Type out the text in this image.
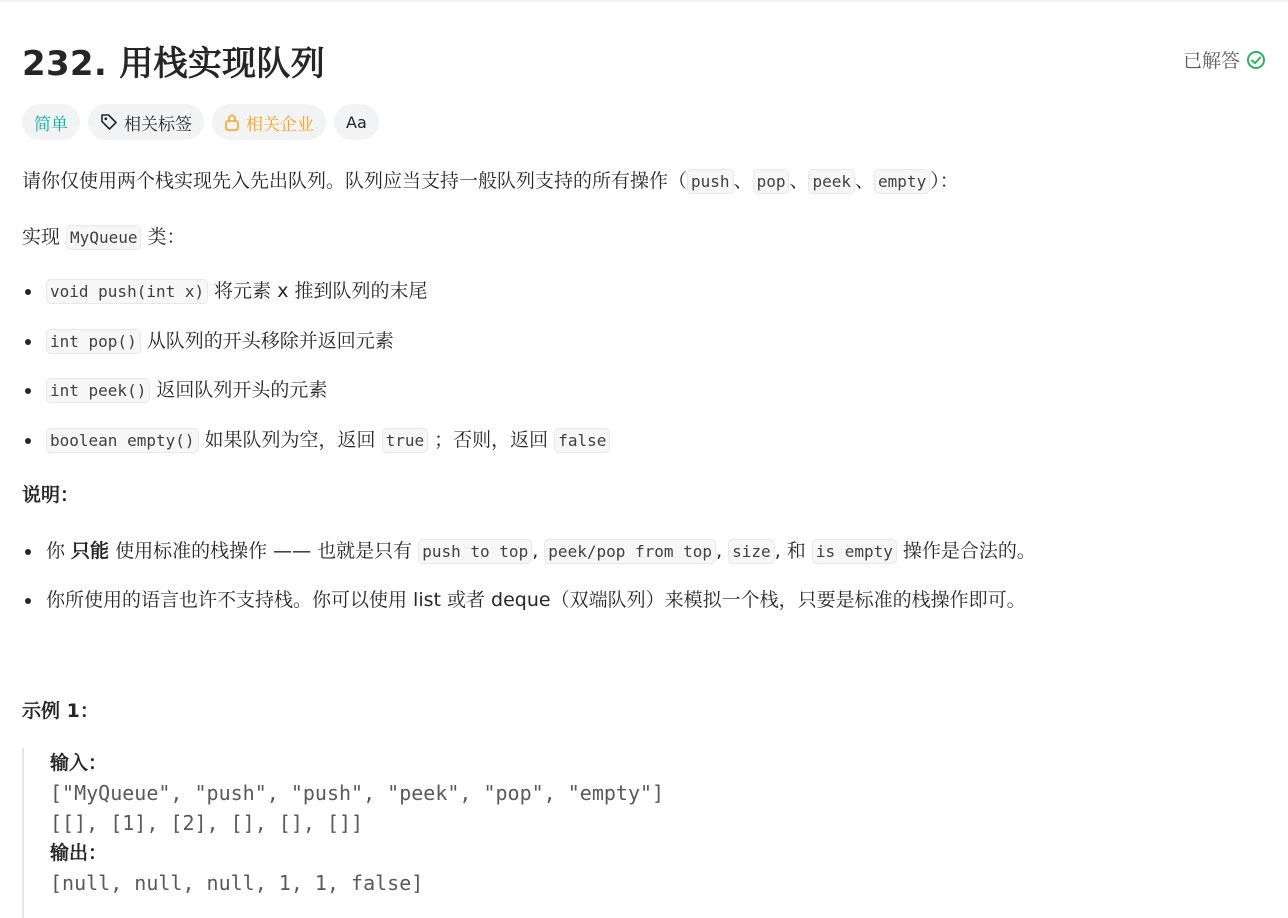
232. 用栈实现队列	已解答
简单	相关标签	相关企业 Aa

请你仅使用两个栈实现先入先出队列。队列应当支持一般队列支持的所有操作（ push 、 pop 、 peek 、 empty ）：

实现 MyQueue 类：

void push(int x) 将元素 x 推到队列的末尾
int pop() 从队列的开头移除并返回元素
int peek() 返回队列开头的元素
boolean empty() 如果队列为空，返回 true ；否则，返回 false

说明：

你 只能 使用标准的栈操作 —— 也就是只有 push to top , peek/pop from top , size , 和 is empty 操作是合法的。
你所使用的语言也许不支持栈。你可以使用 list 或者 deque（双端队列）来模拟一个栈，只要是标准的栈操作即可。

示例 1：

输入：
["MyQueue", "push", "push", "peek", "pop", "empty"]
[[], [1], [2], [], [], []]
输出：
[null, null, null, 1, 1, false]
